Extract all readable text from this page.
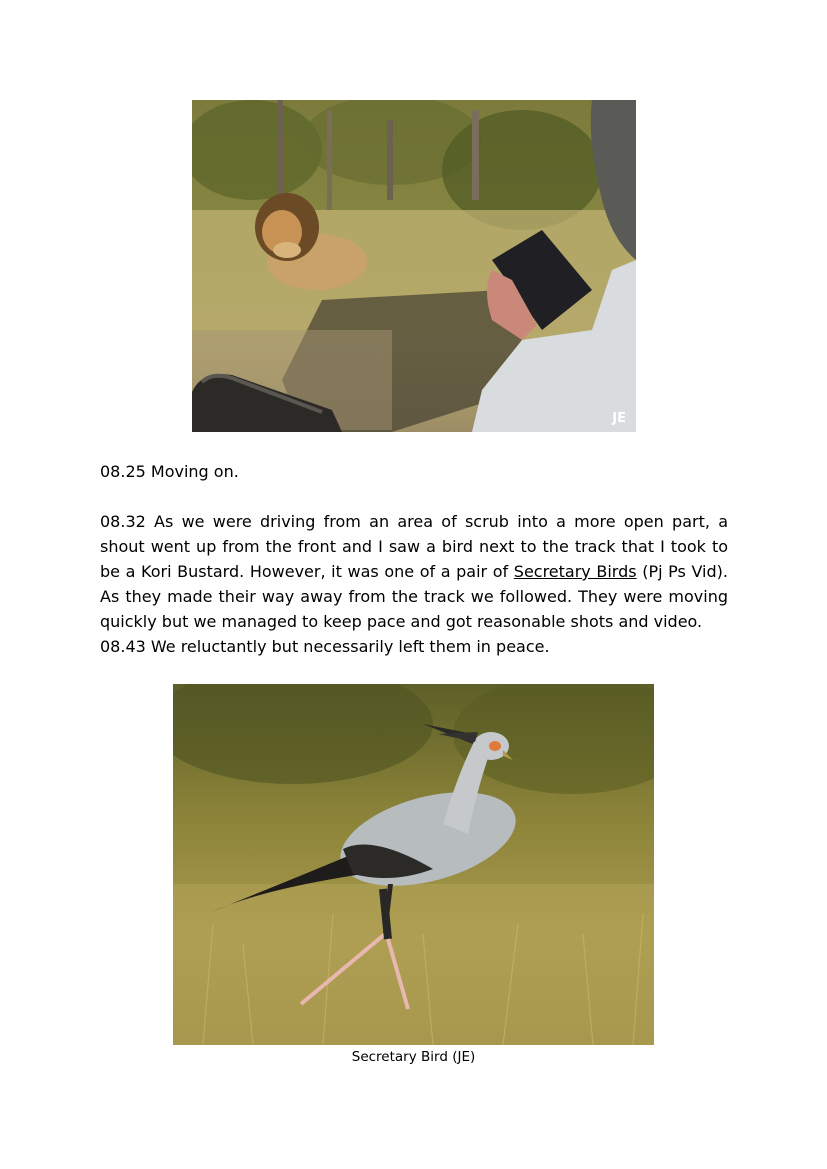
JE

08.25 Moving on.

08.32 As we were driving from an area of scrub into a more open part, a shout went up from the front and I saw a bird next to the track that I took to be a Kori Bustard. However, it was one of a pair of Secretary Birds (Pj Ps Vid). As they made their way away from the track we followed. They were moving quickly but we managed to keep pace and got reasonable shots and video.

08.43 We reluctantly but necessarily left them in peace.

Secretary Bird (JE)
